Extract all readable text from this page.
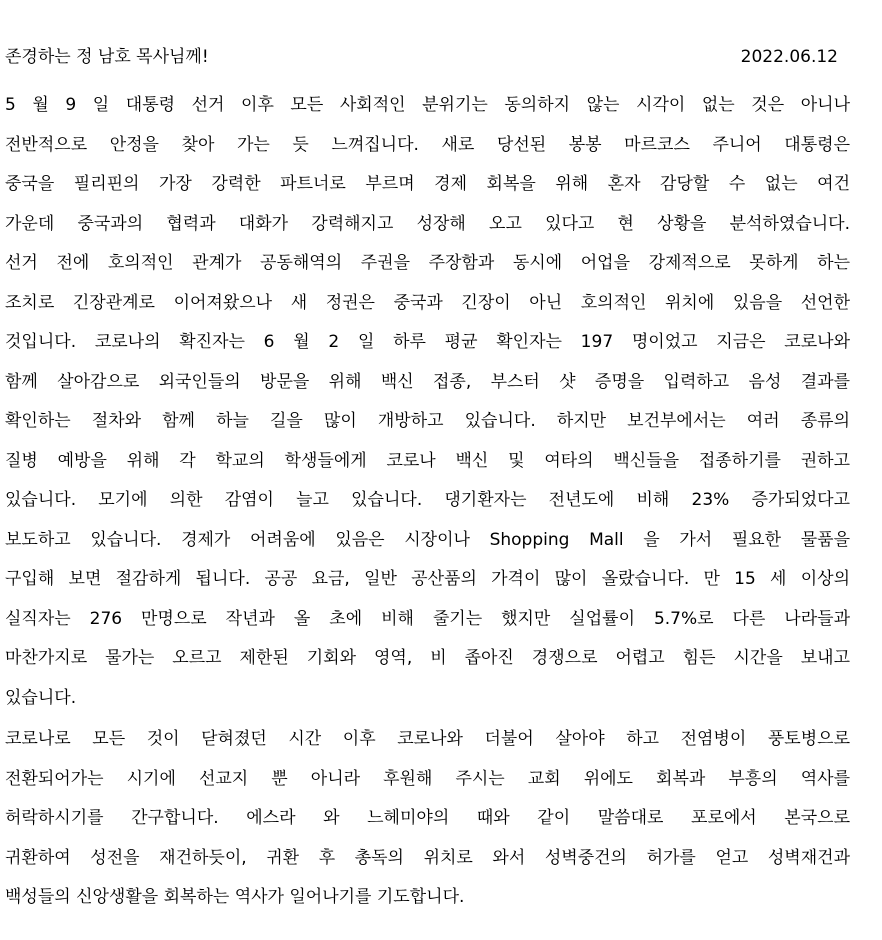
존경하는 정 남호 목사님께!	2022.06.12
5 월 9 일 대통령 선거 이후 모든 사회적인 분위기는 동의하지 않는 시각이 없는 것은 아니나
전반적으로 안정을 찾아 가는 듯 느껴집니다. 새로 당선된 봉봉 마르코스 주니어 대통령은
중국을 필리핀의 가장 강력한 파트너로 부르며 경제 회복을 위해 혼자 감당할 수 없는 여건
가운데 중국과의 협력과 대화가 강력해지고 성장해 오고 있다고 현 상황을 분석하였습니다.
선거 전에 호의적인 관계가 공동해역의 주권을 주장함과 동시에 어업을 강제적으로 못하게 하는
조치로 긴장관계로 이어져왔으나 새 정권은 중국과 긴장이 아닌 호의적인 위치에 있음을 선언한
것입니다. 코로나의 확진자는 6 월 2 일 하루 평균 확인자는 197 명이었고 지금은 코로나와
함께 살아감으로 외국인들의 방문을 위해 백신 접종, 부스터 샷 증명을 입력하고 음성 결과를
확인하는 절차와 함께 하늘 길을 많이 개방하고 있습니다. 하지만 보건부에서는 여러 종류의
질병 예방을 위해 각 학교의 학생들에게 코로나 백신 및 여타의 백신들을 접종하기를 권하고
있습니다. 모기에 의한 감염이 늘고 있습니다. 댕기환자는 전년도에 비해 23% 증가되었다고
보도하고 있습니다. 경제가 어려움에 있음은 시장이나 Shopping Mall 을 가서 필요한 물품을
구입해 보면 절감하게 됩니다. 공공 요금, 일반 공산품의 가격이 많이 올랐습니다. 만 15 세 이상의
실직자는 276 만명으로 작년과 올 초에 비해 줄기는 했지만 실업률이 5.7%로 다른 나라들과
마찬가지로 물가는 오르고 제한된 기회와 영역, 비 좁아진 경쟁으로 어렵고 힘든 시간을 보내고
있습니다.
코로나로 모든 것이 닫혀졌던 시간 이후 코로나와 더불어 살아야 하고 전염병이 풍토병으로
전환되어가는 시기에 선교지 뿐 아니라 후원해 주시는 교회 위에도 회복과 부흥의 역사를
허락하시기를 간구합니다. 에스라 와 느헤미야의 때와 같이 말씀대로 포로에서 본국으로
귀환하여 성전을 재건하듯이, 귀환 후 총독의 위치로 와서 성벽중건의 허가를 얻고 성벽재건과
백성들의 신앙생활을 회복하는 역사가 일어나기를 기도합니다.
